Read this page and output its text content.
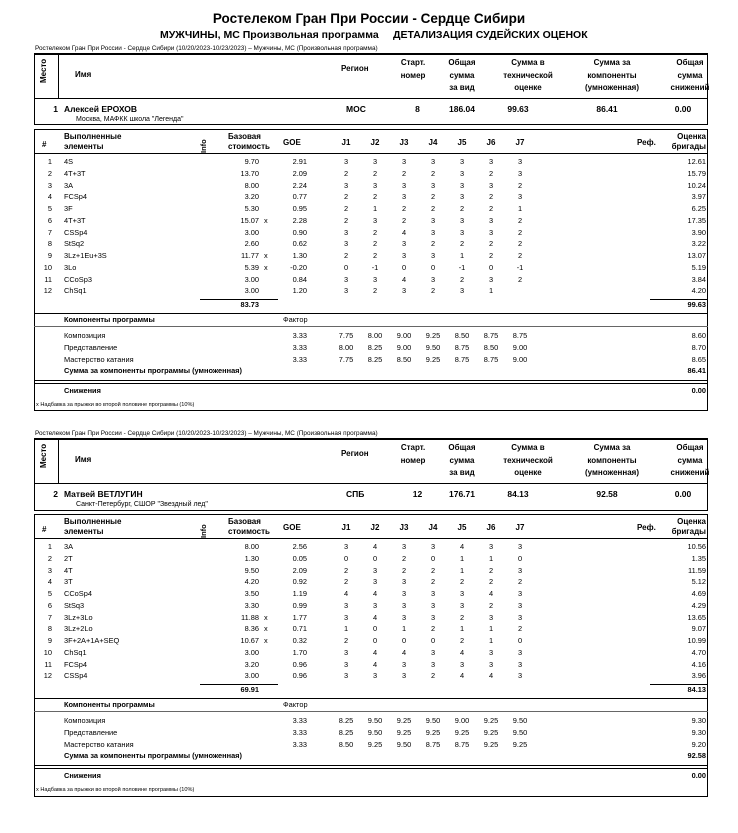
Ростелеком Гран При России - Сердце Сибири
МУЖЧИНЫ, МС Произвольная программа ДЕТАЛИЗАЦИЯ СУДЕЙСКИХ ОЦЕНОК
Ростелеком Гран При России - Сердце Сибири (10/20/2023-10/23/2023) – Мужчины, МС (Произвольная программа)
Место	Имя
Регион
Старт.
номер
Общая
сумма
за вид
Сумма в
технической
оценке
Сумма за
компоненты
(умноженная)
Общая
сумма
снижений
1 Алексей ЕРОХОВ
Москва, МАФКК школа "Легенда"
МОС	8	186.04	99.63	86.41	0.00
#
Выполненные
элементы	Info
Базовая
стоимость GOE	J1	J2	J3	J4	J5	J6	J7	Реф.
Оценка
бригады
1 4S	9.70	2.91	3	3	3	3	3	3	3	12.61
2 4T+3T	13.70	2.09	2	2	2	2	3	2	3	15.79
3 3A	8.00	2.24	3	3	3	3	3	3	2	10.24
4 FCSp4	3.20	0.77	2	2	3	2	3	2	3	3.97
5 3F	5.30	0.95	2	1	2	2	2	2	1	6.25
6 4T+3T	15.07 x	2.28	2	3	2	3	3	3	2	17.35
7 CSSp4	3.00	0.90	3	2	4	3	3	3	2	3.90
8 StSq2	2.60	0.62	3	2	3	2	2	2	2	3.22
9 3Lz+1Eu+3S	11.77 x	1.30	2	2	3	3	1	2	2	13.07
10 3Lo	5.39 x	-0.20	0	-1	0	0	-1	0	-1	5.19
11 CCoSp3	3.00	0.84	3	3	4	3	2	3	2	3.84
12 ChSq1	3.00	1.20	3	2	3	2	3	1	4.20
83.73	99.63
Компоненты программы	Фактор
Композиция	3.33	7.75	8.00	9.00	9.25	8.50	8.75	8.75	8.60
Представление	3.33	8.00	8.25	9.00	9.50	8.75	8.50	9.00	8.70
Мастерство катания	3.33	7.75	8.25	8.50	9.25	8.75	8.75	9.00	8.65
Сумма за компоненты программы (умноженная)	86.41
Снижения	0.00
x Надбавка за прыжки во второй половине программы (10%)
Ростелеком Гран При России - Сердце Сибири (10/20/2023-10/23/2023) – Мужчины, МС (Произвольная программа)
Место	Имя
Регион
Старт.
номер
Общая
сумма
за вид
Сумма в
технической
оценке
Сумма за
компоненты
(умноженная)
Общая
сумма
снижений
2 Матвей ВЕТЛУГИН
Санкт-Петербург, СШОР "Звездный лед"
СПБ	12	176.71	84.13	92.58	0.00
#
Выполненные
элементы	Info
Базовая
стоимость GOE	J1	J2	J3	J4	J5	J6	J7	Реф.
Оценка
бригады
1 3A	8.00	2.56	3	4	3	3	4	3	3	10.56
2 2T	1.30	0.05	0	0	2	0	1	1	0	1.35
3 4T	9.50	2.09	2	3	2	2	1	2	3	11.59
4 3T	4.20	0.92	2	3	3	2	2	2	2	5.12
5 CCoSp4	3.50	1.19	4	4	3	3	3	4	3	4.69
6 StSq3	3.30	0.99	3	3	3	3	3	2	3	4.29
7 3Lz+3Lo	11.88 x	1.77	3	4	3	3	2	3	3	13.65
8 3Lz+2Lo	8.36 x	0.71	1	0	1	2	1	1	2	9.07
9 3F+2A+1A+SEQ	10.67 x	0.32	2	0	0	0	2	1	0	10.99
10 ChSq1	3.00	1.70	3	4	4	3	4	3	3	4.70
11 FCSp4	3.20	0.96	3	4	3	3	3	3	3	4.16
12 CSSp4	3.00	0.96	3	3	3	2	4	4	3	3.96
69.91	84.13
Компоненты программы	Фактор
Композиция	3.33	8.25	9.50	9.25	9.50	9.00	9.25	9.50	9.30
Представление	3.33	8.25	9.50	9.25	9.25	9.25	9.25	9.50	9.30
Мастерство катания	3.33	8.50	9.25	9.50	8.75	8.75	9.25	9.25	9.20
Сумма за компоненты программы (умноженная)	92.58
Снижения	0.00
x Надбавка за прыжки во второй половине программы (10%)
